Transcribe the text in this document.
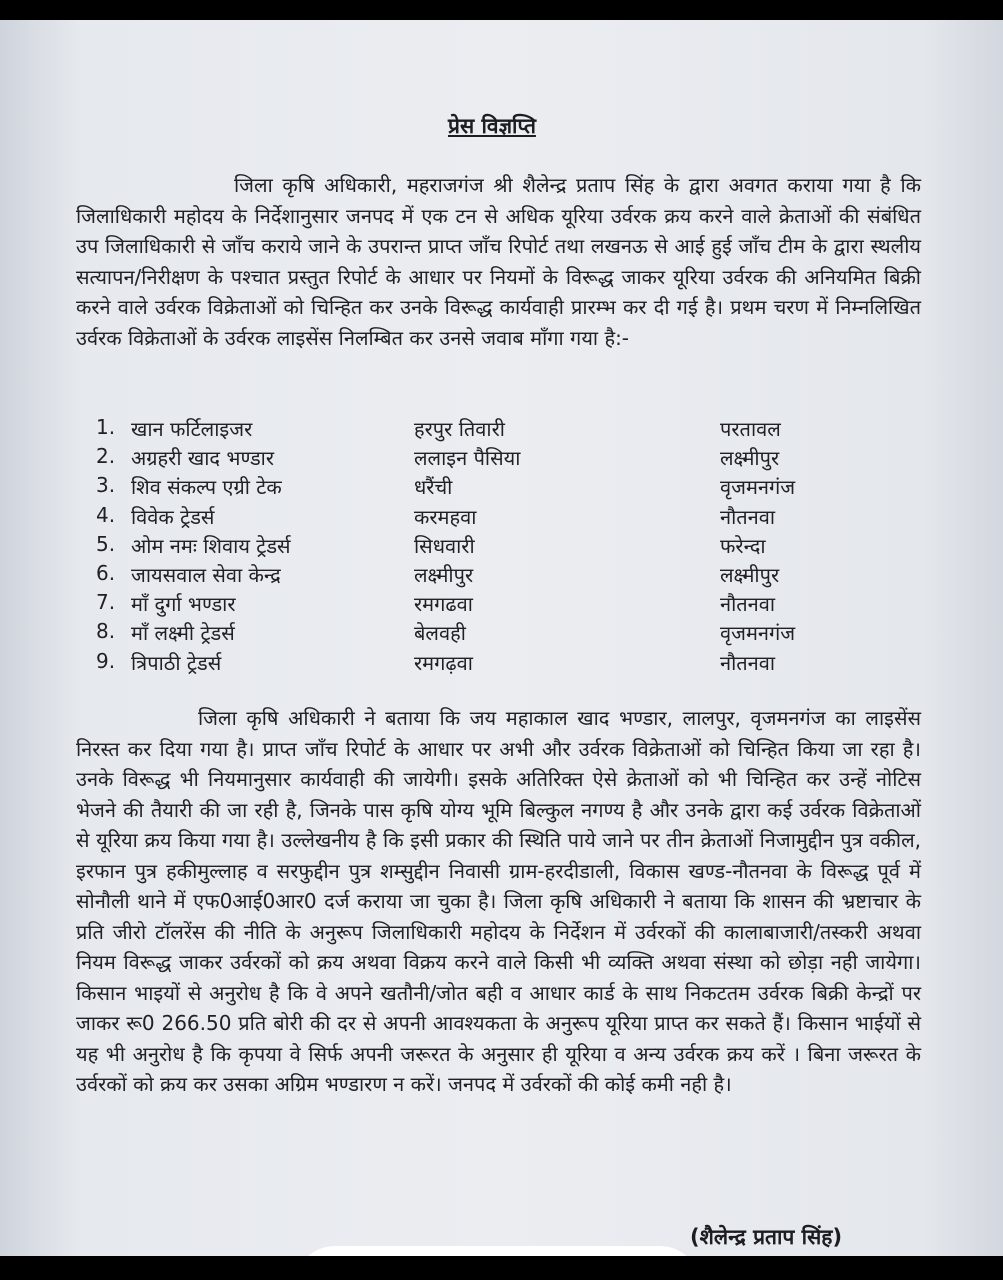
प्रेस विज्ञप्ति
जिला कृषि अधिकारी, महराजगंज श्री शैलेन्द्र प्रताप सिंह के द्वारा अवगत कराया गया है कि जिलाधिकारी महोदय के निर्देशानुसार जनपद में एक टन से अधिक यूरिया उर्वरक क्रय करने वाले क्रेताओं की संबंधित उप जिलाधिकारी से जाँच कराये जाने के उपरान्त प्राप्त जाँच रिपोर्ट तथा लखनऊ से आई हुई जाँच टीम के द्वारा स्थलीय सत्यापन/निरीक्षण के पश्चात प्रस्तुत रिपोर्ट के आधार पर नियमों के विरूद्ध जाकर यूरिया उर्वरक की अनियमित बिक्री करने वाले उर्वरक विक्रेताओं को चिन्हित कर उनके विरूद्ध कार्यवाही प्रारम्भ कर दी गई है। प्रथम चरण में निम्नलिखित उर्वरक विक्रेताओं के उर्वरक लाइसेंस निलम्बित कर उनसे जवाब माँगा गया है:-
1. खान फर्टिलाइजर	हरपुर तिवारी	परतावल
2. अग्रहरी खाद भण्डार	ललाइन पैसिया	लक्ष्मीपुर
3. शिव संकल्प एग्री टेक	धरैंची	वृजमनगंज
4. विवेक ट्रेडर्स	करमहवा	नौतनवा
5. ओम नमः शिवाय ट्रेडर्स	सिधवारी	फरेन्दा
6. जायसवाल सेवा केन्द्र	लक्ष्मीपुर	लक्ष्मीपुर
7. माँ दुर्गा भण्डार	रमगढवा	नौतनवा
8. माँ लक्ष्मी ट्रेडर्स	बेलवही	वृजमनगंज
9. त्रिपाठी ट्रेडर्स	रमगढ़वा	नौतनवा
जिला कृषि अधिकारी ने बताया कि जय महाकाल खाद भण्डार, लालपुर, वृजमनगंज का लाइसेंस निरस्त कर दिया गया है। प्राप्त जाँच रिपोर्ट के आधार पर अभी और उर्वरक विक्रेताओं को चिन्हित किया जा रहा है। उनके विरूद्ध भी नियमानुसार कार्यवाही की जायेगी। इसके अतिरिक्त ऐसे क्रेताओं को भी चिन्हित कर उन्हें नोटिस भेजने की तैयारी की जा रही है, जिनके पास कृषि योग्य भूमि बिल्कुल नगण्य है और उनके द्वारा कई उर्वरक विक्रेताओं से यूरिया क्रय किया गया है। उल्लेखनीय है कि इसी प्रकार की स्थिति पाये जाने पर तीन क्रेताओं निजामुद्दीन पुत्र वकील, इरफान पुत्र हकीमुल्लाह व सरफुद्दीन पुत्र शम्सुद्दीन निवासी ग्राम-हरदीडाली, विकास खण्ड-नौतनवा के विरूद्ध पूर्व में सोनौली थाने में एफ0आई0आर0 दर्ज कराया जा चुका है। जिला कृषि अधिकारी ने बताया कि शासन की भ्रष्टाचार के प्रति जीरो टॉलरेंस की नीति के अनुरूप जिलाधिकारी महोदय के निर्देशन में उर्वरकों की कालाबाजारी/तस्करी अथवा नियम विरूद्ध जाकर उर्वरकों को क्रय अथवा विक्रय करने वाले किसी भी व्यक्ति अथवा संस्था को छोड़ा नही जायेगा। किसान भाइयों से अनुरोध है कि वे अपने खतौनी/जोत बही व आधार कार्ड के साथ निकटतम उर्वरक बिक्री केन्द्रों पर जाकर रू0 266.50 प्रति बोरी की दर से अपनी आवश्यकता के अनुरूप यूरिया प्राप्त कर सकते हैं। किसान भाईयों से यह भी अनुरोध है कि कृपया वे सिर्फ अपनी जरूरत के अनुसार ही यूरिया व अन्य उर्वरक क्रय करें । बिना जरूरत के उर्वरकों को क्रय कर उसका अग्रिम भण्डारण न करें। जनपद में उर्वरकों की कोई कमी नही है।
(शैलेन्द्र प्रताप सिंह)
